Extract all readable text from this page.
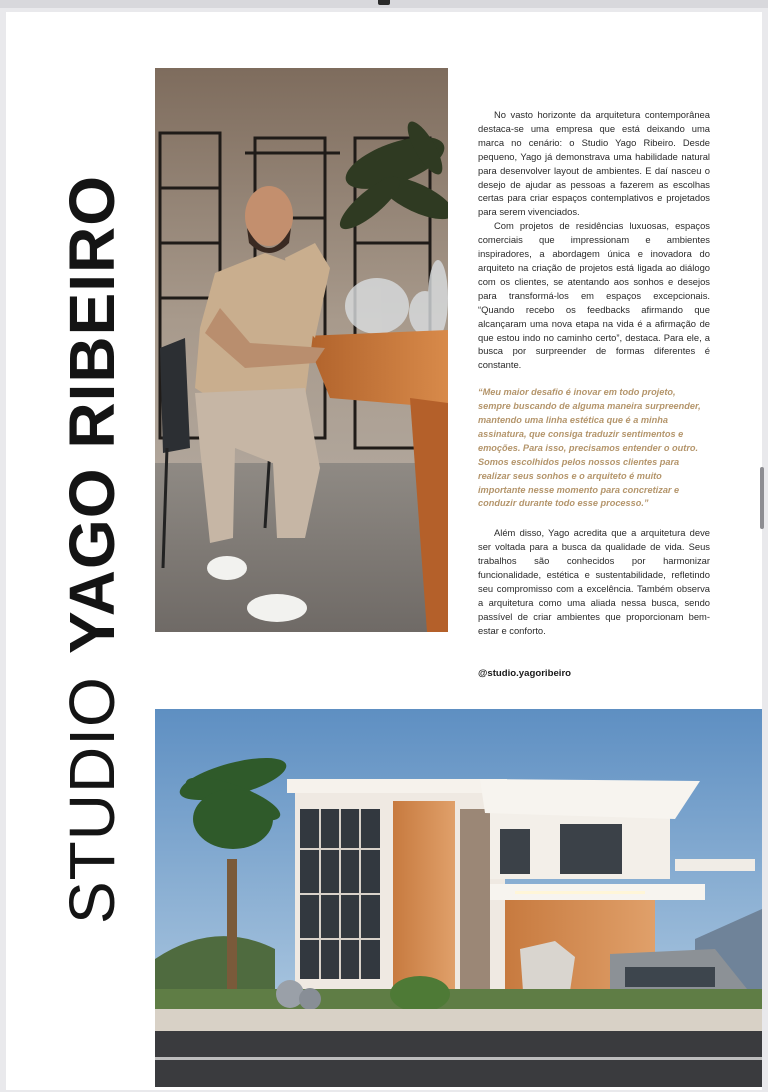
STUDIO
YAGO RIBEIRO

No vasto horizonte da arquitetura contemporânea destaca-se uma empresa que está deixando uma marca no cenário: o Studio Yago Ribeiro. Desde pequeno, Yago já demonstrava uma habilidade natural para desenvolver layout de ambientes. E daí nasceu o desejo de ajudar as pessoas a fazerem as escolhas certas para criar espaços contemplativos e projetados para serem vivenciados.

Com projetos de residências luxuosas, espaços comerciais que impressionam e ambientes inspiradores, a abordagem única e inovadora do arquiteto na criação de projetos está ligada ao diálogo com os clientes, se atentando aos sonhos e desejos para transformá-los em espaços excepcionais. “Quando recebo os feedbacks afirmando que alcançaram uma nova etapa na vida é a afirmação de que estou indo no caminho certo”, destaca. Para ele, a busca por surpreender de formas diferentes é constante.

“Meu maior desafio é inovar em todo projeto, sempre buscando de alguma maneira surpreender, mantendo uma linha estética que é a minha assinatura, que consiga traduzir sentimentos e emoções. Para isso, precisamos entender o outro. Somos escolhidos pelos nossos clientes para realizar seus sonhos e o arquiteto é muito importante nesse momento para concretizar e conduzir durante todo esse processo.”

Além disso, Yago acredita que a arquitetura deve ser voltada para a busca da qualidade de vida. Seus trabalhos são conhecidos por harmonizar funcionalidade, estética e sustentabilidade, refletindo seu compromisso com a excelência. Também observa a arquitetura como uma aliada nessa busca, sendo passível de criar ambientes que proporcionam bem-estar e conforto.

@studio.yagoribeiro
